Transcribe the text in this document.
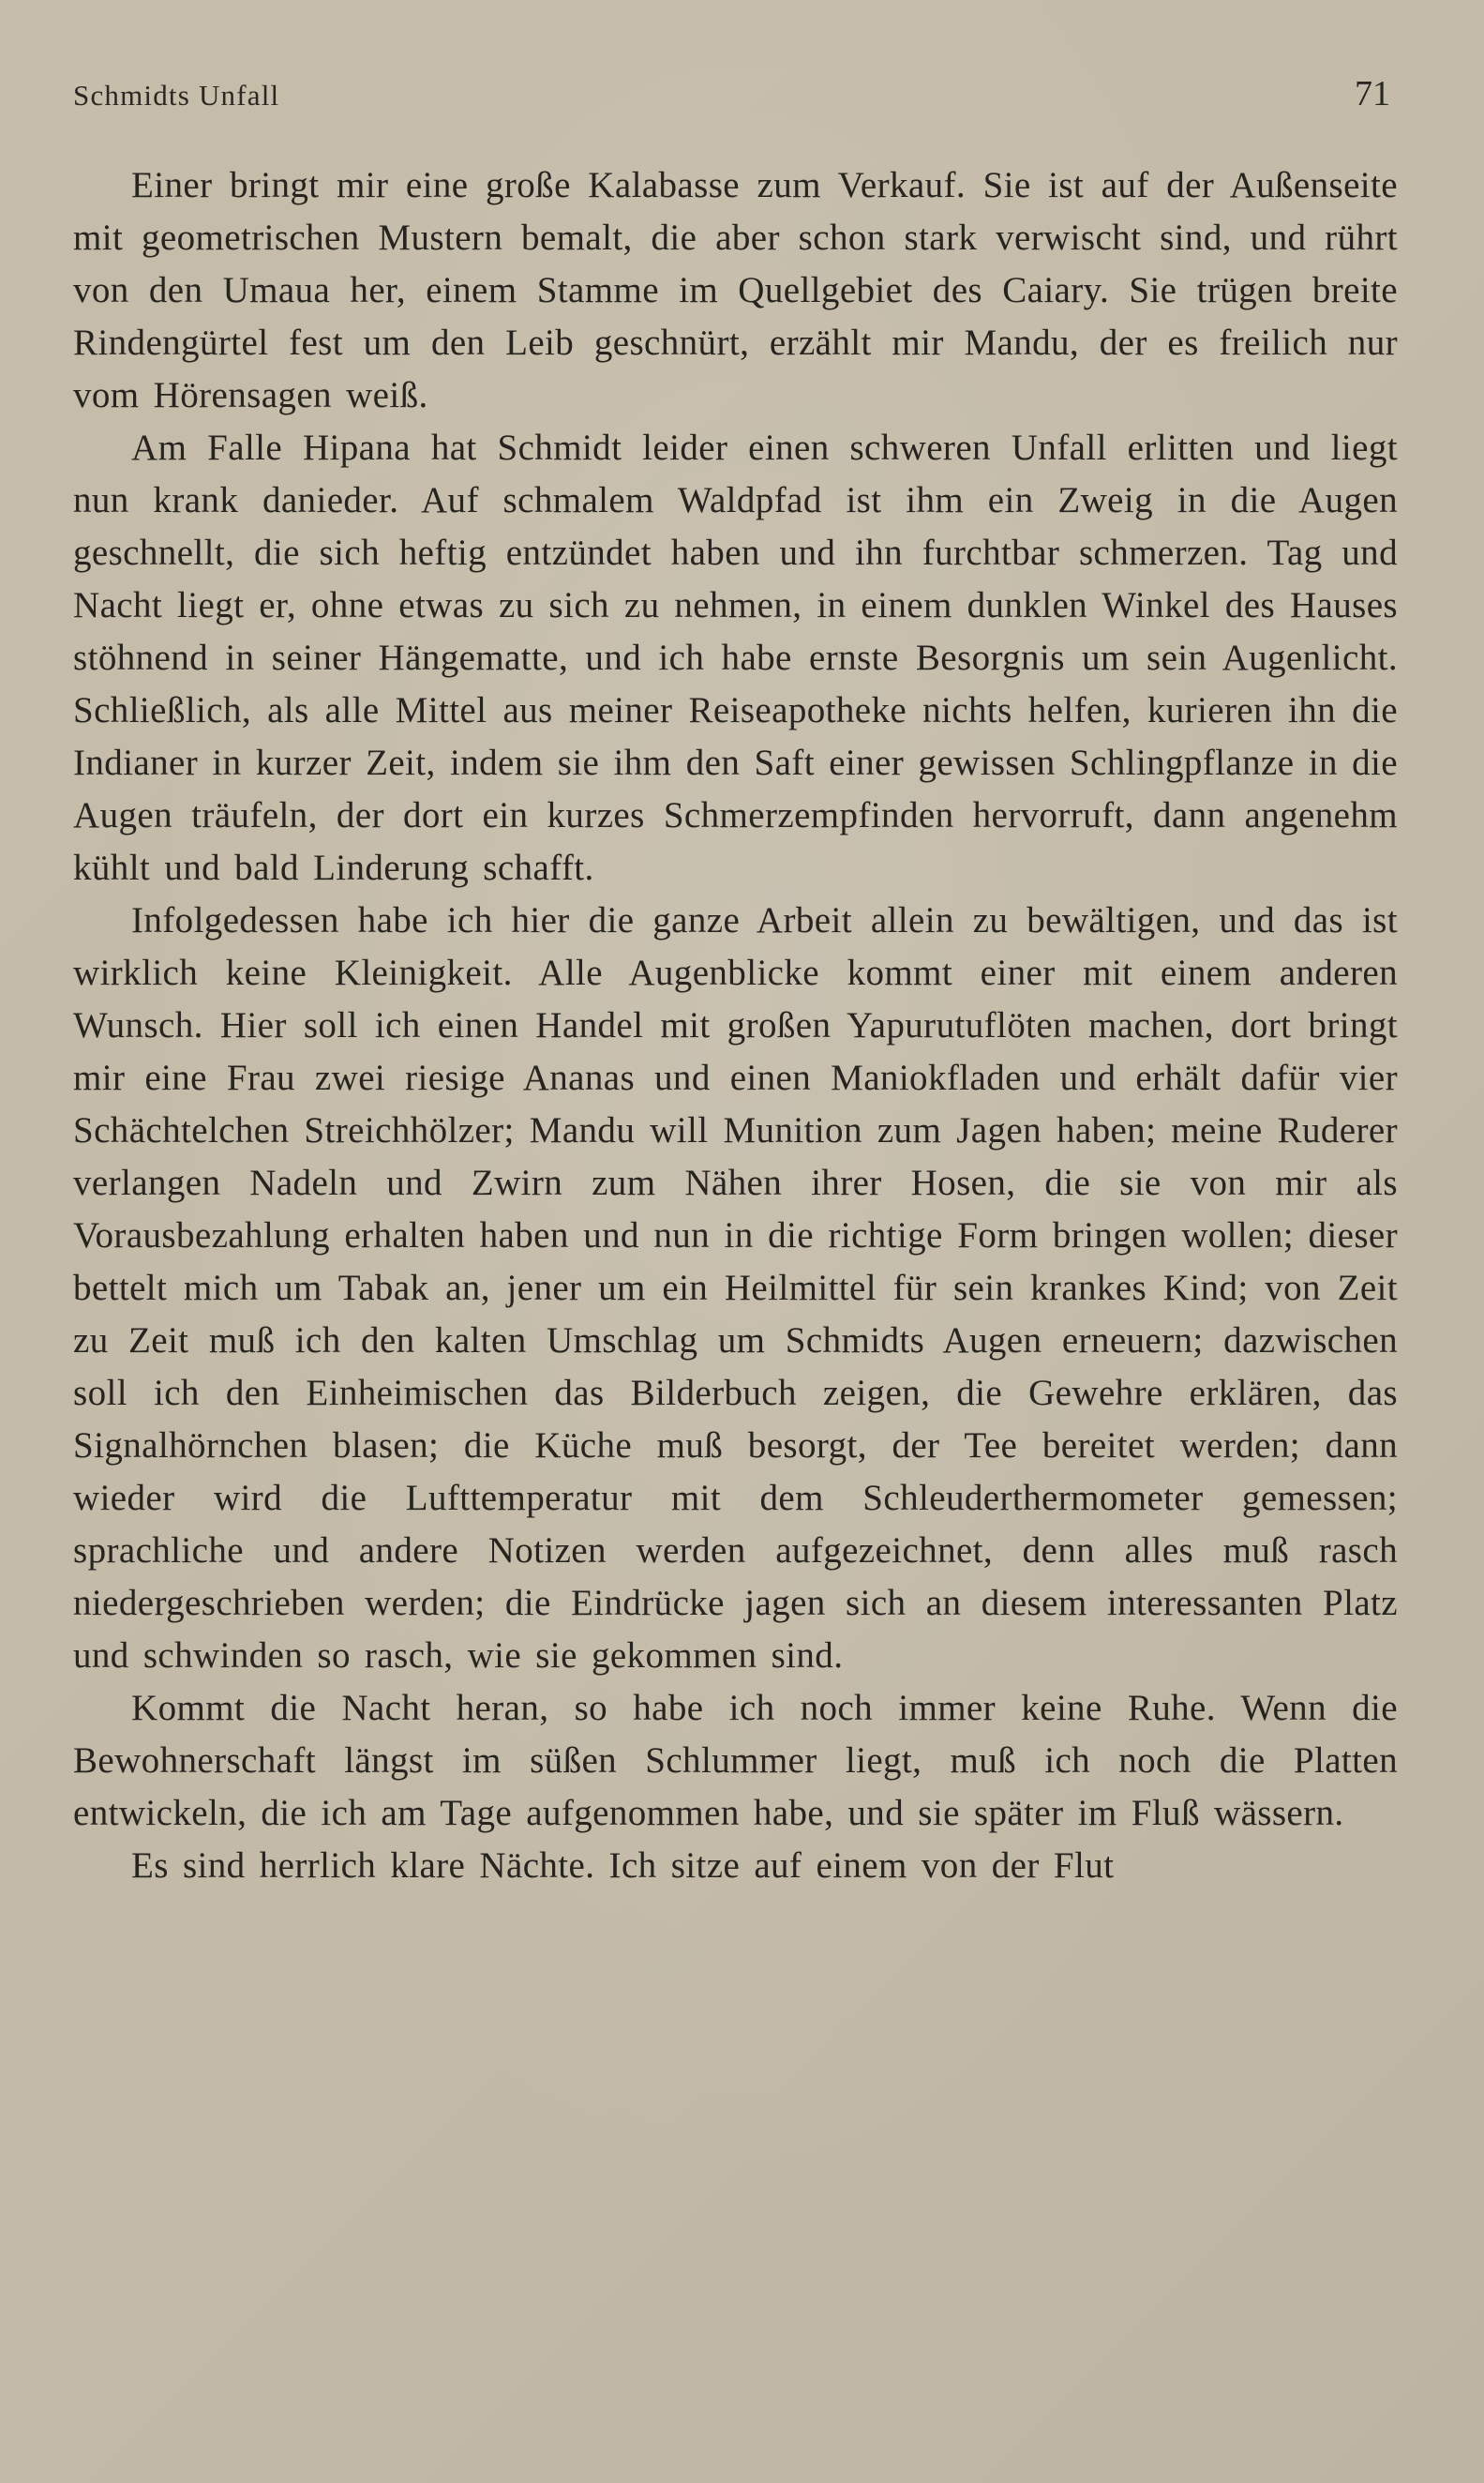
Schmidts Unfall	71

Einer bringt mir eine große Kalabasse zum Verkauf. Sie ist auf der Außenseite mit geometrischen Mustern bemalt, die aber schon stark verwischt sind, und rührt von den Umaua her, einem Stamme im Quellgebiet des Caiary. Sie trügen breite Rindengürtel fest um den Leib geschnürt, erzählt mir Mandu, der es freilich nur vom Hörensagen weiß.

Am Falle Hipana hat Schmidt leider einen schweren Unfall erlitten und liegt nun krank danieder. Auf schmalem Waldpfad ist ihm ein Zweig in die Augen geschnellt, die sich heftig entzündet haben und ihn furchtbar schmerzen. Tag und Nacht liegt er, ohne etwas zu sich zu nehmen, in einem dunklen Winkel des Hauses stöhnend in seiner Hängematte, und ich habe ernste Besorgnis um sein Augenlicht. Schließlich, als alle Mittel aus meiner Reiseapotheke nichts helfen, kurieren ihn die Indianer in kurzer Zeit, indem sie ihm den Saft einer gewissen Schlingpflanze in die Augen träufeln, der dort ein kurzes Schmerzempfinden hervorruft, dann angenehm kühlt und bald Linderung schafft.

Infolgedessen habe ich hier die ganze Arbeit allein zu bewältigen, und das ist wirklich keine Kleinigkeit. Alle Augenblicke kommt einer mit einem anderen Wunsch. Hier soll ich einen Handel mit großen Yapurutuflöten machen, dort bringt mir eine Frau zwei riesige Ananas und einen Maniokfladen und erhält dafür vier Schächtelchen Streichhölzer; Mandu will Munition zum Jagen haben; meine Ruderer verlangen Nadeln und Zwirn zum Nähen ihrer Hosen, die sie von mir als Vorausbezahlung erhalten haben und nun in die richtige Form bringen wollen; dieser bettelt mich um Tabak an, jener um ein Heilmittel für sein krankes Kind; von Zeit zu Zeit muß ich den kalten Umschlag um Schmidts Augen erneuern; dazwischen soll ich den Einheimischen das Bilderbuch zeigen, die Gewehre erklären, das Signalhörnchen blasen; die Küche muß besorgt, der Tee bereitet werden; dann wieder wird die Lufttemperatur mit dem Schleuderthermometer gemessen; sprachliche und andere Notizen werden aufgezeichnet, denn alles muß rasch niedergeschrieben werden; die Eindrücke jagen sich an diesem interessanten Platz und schwinden so rasch, wie sie gekommen sind.

Kommt die Nacht heran, so habe ich noch immer keine Ruhe. Wenn die Bewohnerschaft längst im süßen Schlummer liegt, muß ich noch die Platten entwickeln, die ich am Tage aufgenommen habe, und sie später im Fluß wässern.

Es sind herrlich klare Nächte. Ich sitze auf einem von der Flut
